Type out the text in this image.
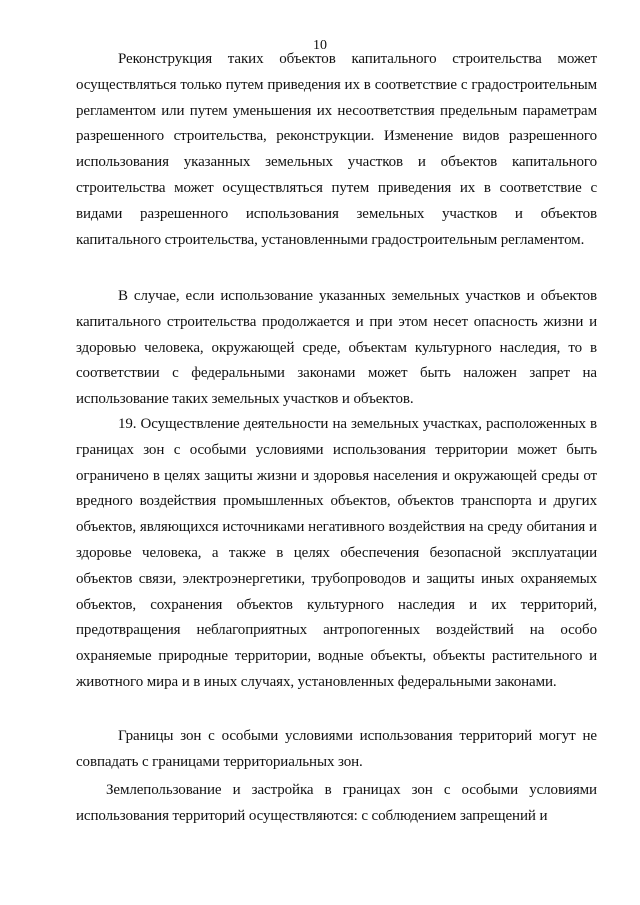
10

Реконструкция таких объектов капитального строительства может осуществляться только путем приведения их в соответствие с градостроительным регламентом или путем уменьшения их несоответствия предельным параметрам разрешенного строительства, реконструкции. Изменение видов разрешенного использования указанных земельных участков и объектов капитального строительства может осуществляться путем приведения их в соответствие с видами разрешенного использования земельных участков и объектов капитального строительства, установленными градостроительным регламентом.

В случае, если использование указанных земельных участков и объектов капитального строительства продолжается и при этом несет опасность жизни и здоровью человека, окружающей среде, объектам культурного наследия, то в соответствии с федеральными законами может быть наложен запрет на использование таких земельных участков и объектов.

19. Осуществление деятельности на земельных участках, расположенных в границах зон с особыми условиями использования территории может быть ограничено в целях защиты жизни и здоровья населения и окружающей среды от вредного воздействия промышленных объектов, объектов транспорта и других объектов, являющихся источниками негативного воздействия на среду обитания и здоровье человека, а также в целях обеспечения безопасной эксплуатации объектов связи, электроэнергетики, трубопроводов и защиты иных охраняемых объектов, сохранения объектов культурного наследия и их территорий, предотвращения неблагоприятных антропогенных воздействий на особо охраняемые природные территории, водные объекты, объекты растительного и животного мира и в иных случаях, установленных федеральными законами.

Границы зон с особыми условиями использования территорий могут не совпадать с границами территориальных зон.

Землепользование и застройка в границах зон с особыми условиями использования территорий осуществляются: с соблюдением запрещений и
